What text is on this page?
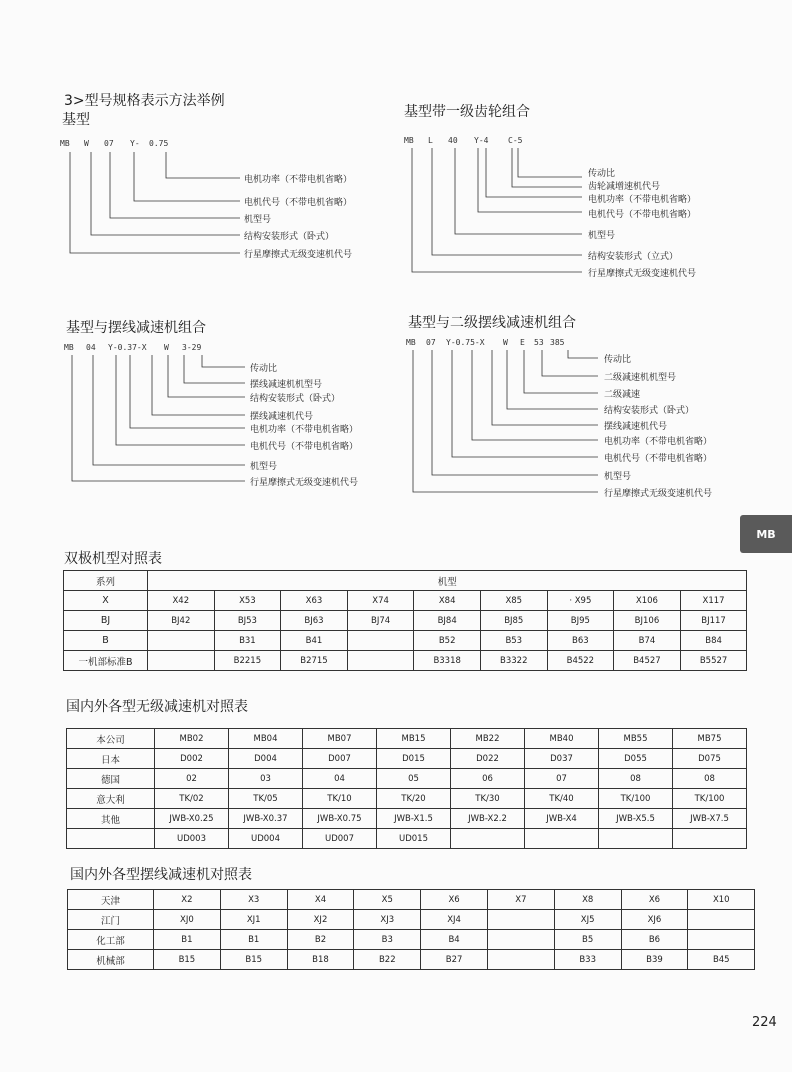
3>型号规格表示方法举例
基型
MB W 07 Y- 0.75
电机功率（不带电机省略）
电机代号（不带电机省略）
机型号
结构安装形式（卧式）
行星摩擦式无级变速机代号
基型带一级齿轮组合
MB L 40 Y-4 C-5
传动比
齿轮减增速机代号
电机功率（不带电机省略）
电机代号（不带电机省略）
机型号
结构安装形式（立式）
行星摩擦式无级变速机代号
基型与摆线减速机组合
MB 04 Y-0.37-X W 3-29
传动比
摆线减速机机型号
结构安装形式（卧式）
摆线减速机代号
电机功率（不带电机省略）
电机代号（不带电机省略）
机型号
行星摩擦式无级变速机代号
基型与二级摆线减速机组合
MB 07 Y-0.75-X W E 53 385
传动比
二级减速机机型号
二级减速
结构安装形式（卧式）
摆线减速机代号
电机功率（不带电机省略）
电机代号（不带电机省略）
机型号
行星摩擦式无级变速机代号
MB
双极机型对照表
系列	机型								
X	X42	X53	X63	X74	X84	X85	· X95	X106	X117
BJ	BJ42	BJ53	BJ63	BJ74	BJ84	BJ85	BJ95	BJ106	BJ117
B		B31	B41		B52	B53	B63	B74	B84
一机部标准B		B2215	B2715		B3318	B3322	B4522	B4527	B5527
国内外各型无级减速机对照表
本公司	MB02	MB04	MB07	MB15	MB22	MB40	MB55	MB75
日本	D002	D004	D007	D015	D022	D037	D055	D075
德国	02	03	04	05	06	07	08	08
意大利	TK/02	TK/05	TK/10	TK/20	TK/30	TK/40	TK/100	TK/100
其他	JWB-X0.25	JWB-X0.37	JWB-X0.75	JWB-X1.5	JWB-X2.2	JWB-X4	JWB-X5.5	JWB-X7.5
	UD003	UD004	UD007	UD015				
国内外各型摆线减速机对照表
天津	X2	X3	X4	X5	X6	X7	X8	X6	X10
江门	XJ0	XJ1	XJ2	XJ3	XJ4		XJ5	XJ6	
化工部	B1	B1	B2	B3	B4		B5	B6	
机械部	B15	B15	B18	B22	B27		B33	B39	B45
224
